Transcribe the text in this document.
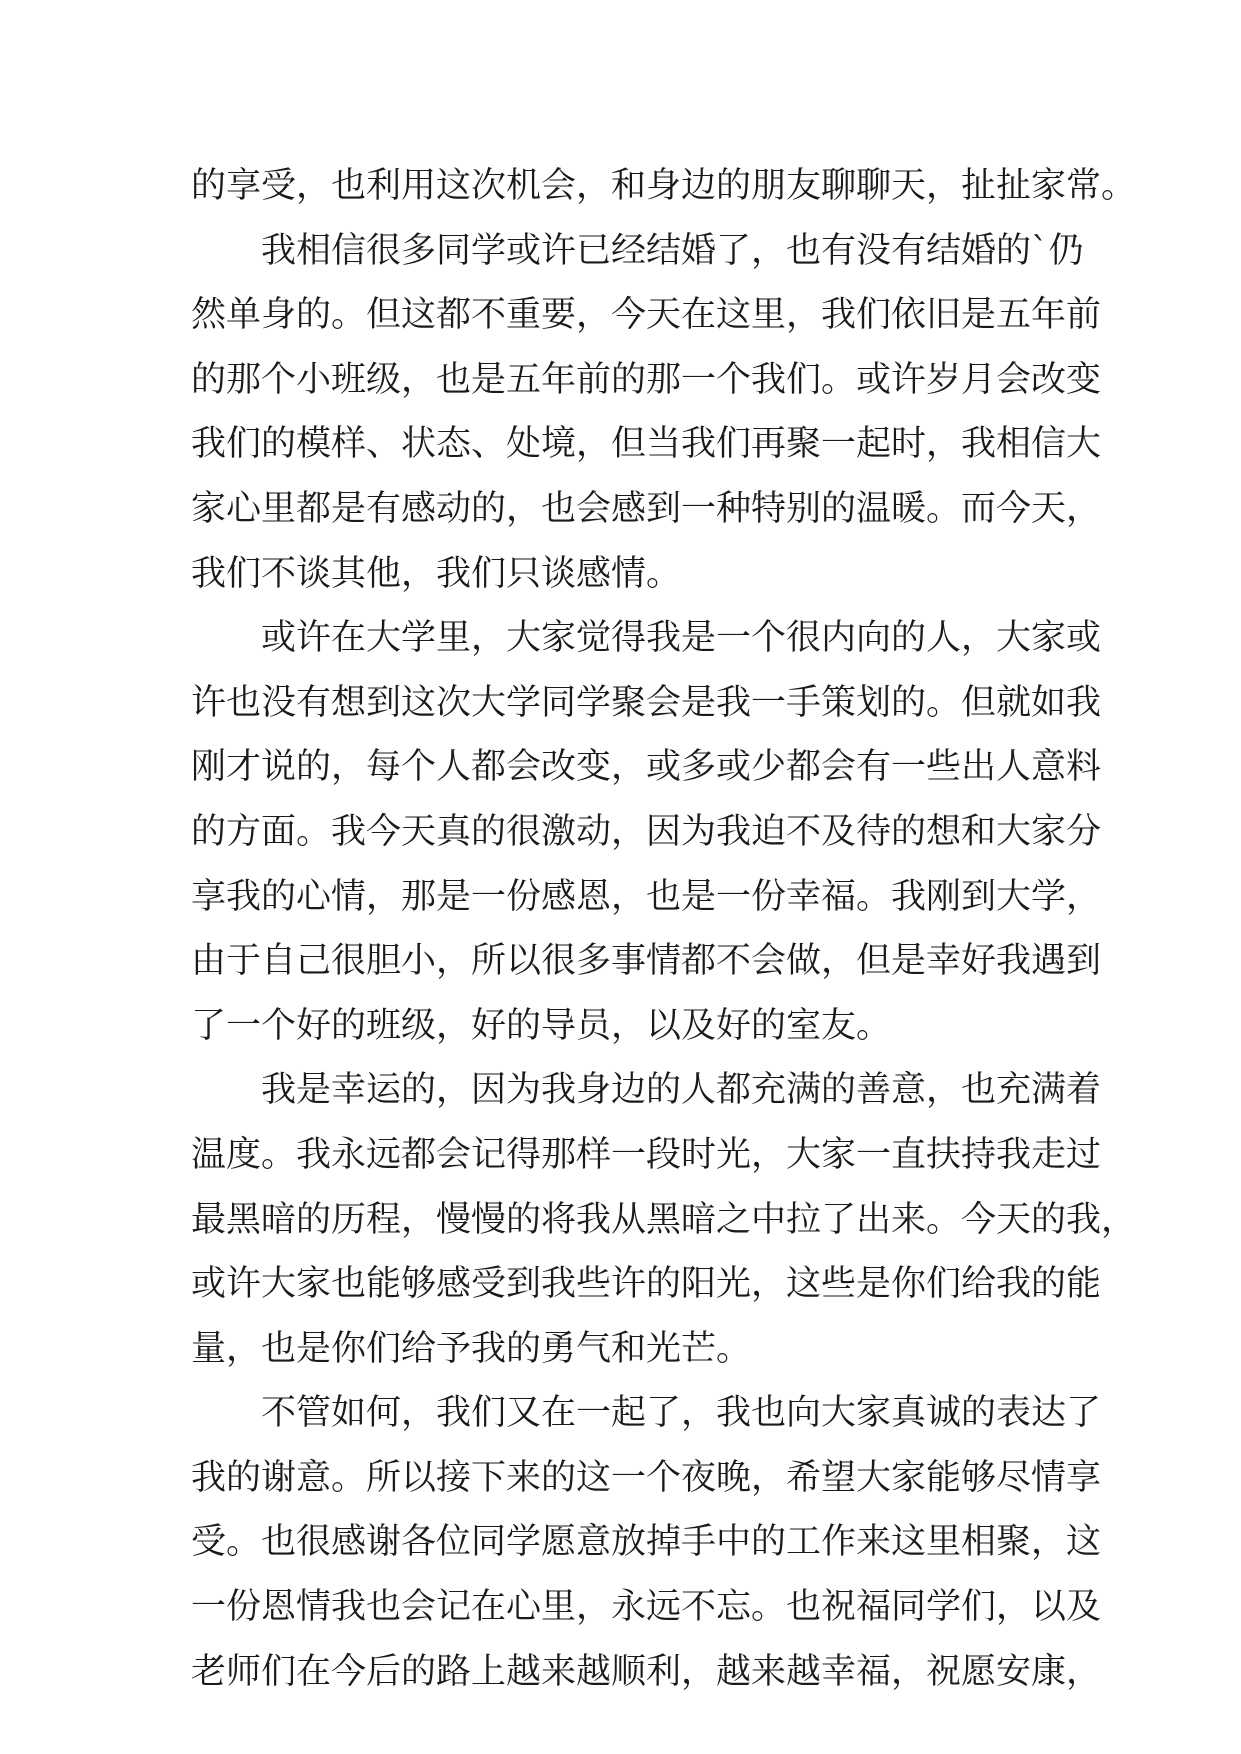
的享受，也利用这次机会，和身边的朋友聊聊天，扯扯家常。
我相信很多同学或许已经结婚了，也有没有结婚的`仍
然单身的。但这都不重要，今天在这里，我们依旧是五年前
的那个小班级，也是五年前的那一个我们。或许岁月会改变
我们的模样、状态、处境，但当我们再聚一起时，我相信大
家心里都是有感动的，也会感到一种特别的温暖。而今天，
我们不谈其他，我们只谈感情。
或许在大学里，大家觉得我是一个很内向的人，大家或
许也没有想到这次大学同学聚会是我一手策划的。但就如我
刚才说的，每个人都会改变，或多或少都会有一些出人意料
的方面。我今天真的很激动，因为我迫不及待的想和大家分
享我的心情，那是一份感恩，也是一份幸福。我刚到大学，
由于自己很胆小，所以很多事情都不会做，但是幸好我遇到
了一个好的班级，好的导员，以及好的室友。
我是幸运的，因为我身边的人都充满的善意，也充满着
温度。我永远都会记得那样一段时光，大家一直扶持我走过
最黑暗的历程，慢慢的将我从黑暗之中拉了出来。今天的我，
或许大家也能够感受到我些许的阳光，这些是你们给我的能
量，也是你们给予我的勇气和光芒。
不管如何，我们又在一起了，我也向大家真诚的表达了
我的谢意。所以接下来的这一个夜晚，希望大家能够尽情享
受。也很感谢各位同学愿意放掉手中的工作来这里相聚，这
一份恩情我也会记在心里，永远不忘。也祝福同学们，以及
老师们在今后的路上越来越顺利，越来越幸福，祝愿安康，
